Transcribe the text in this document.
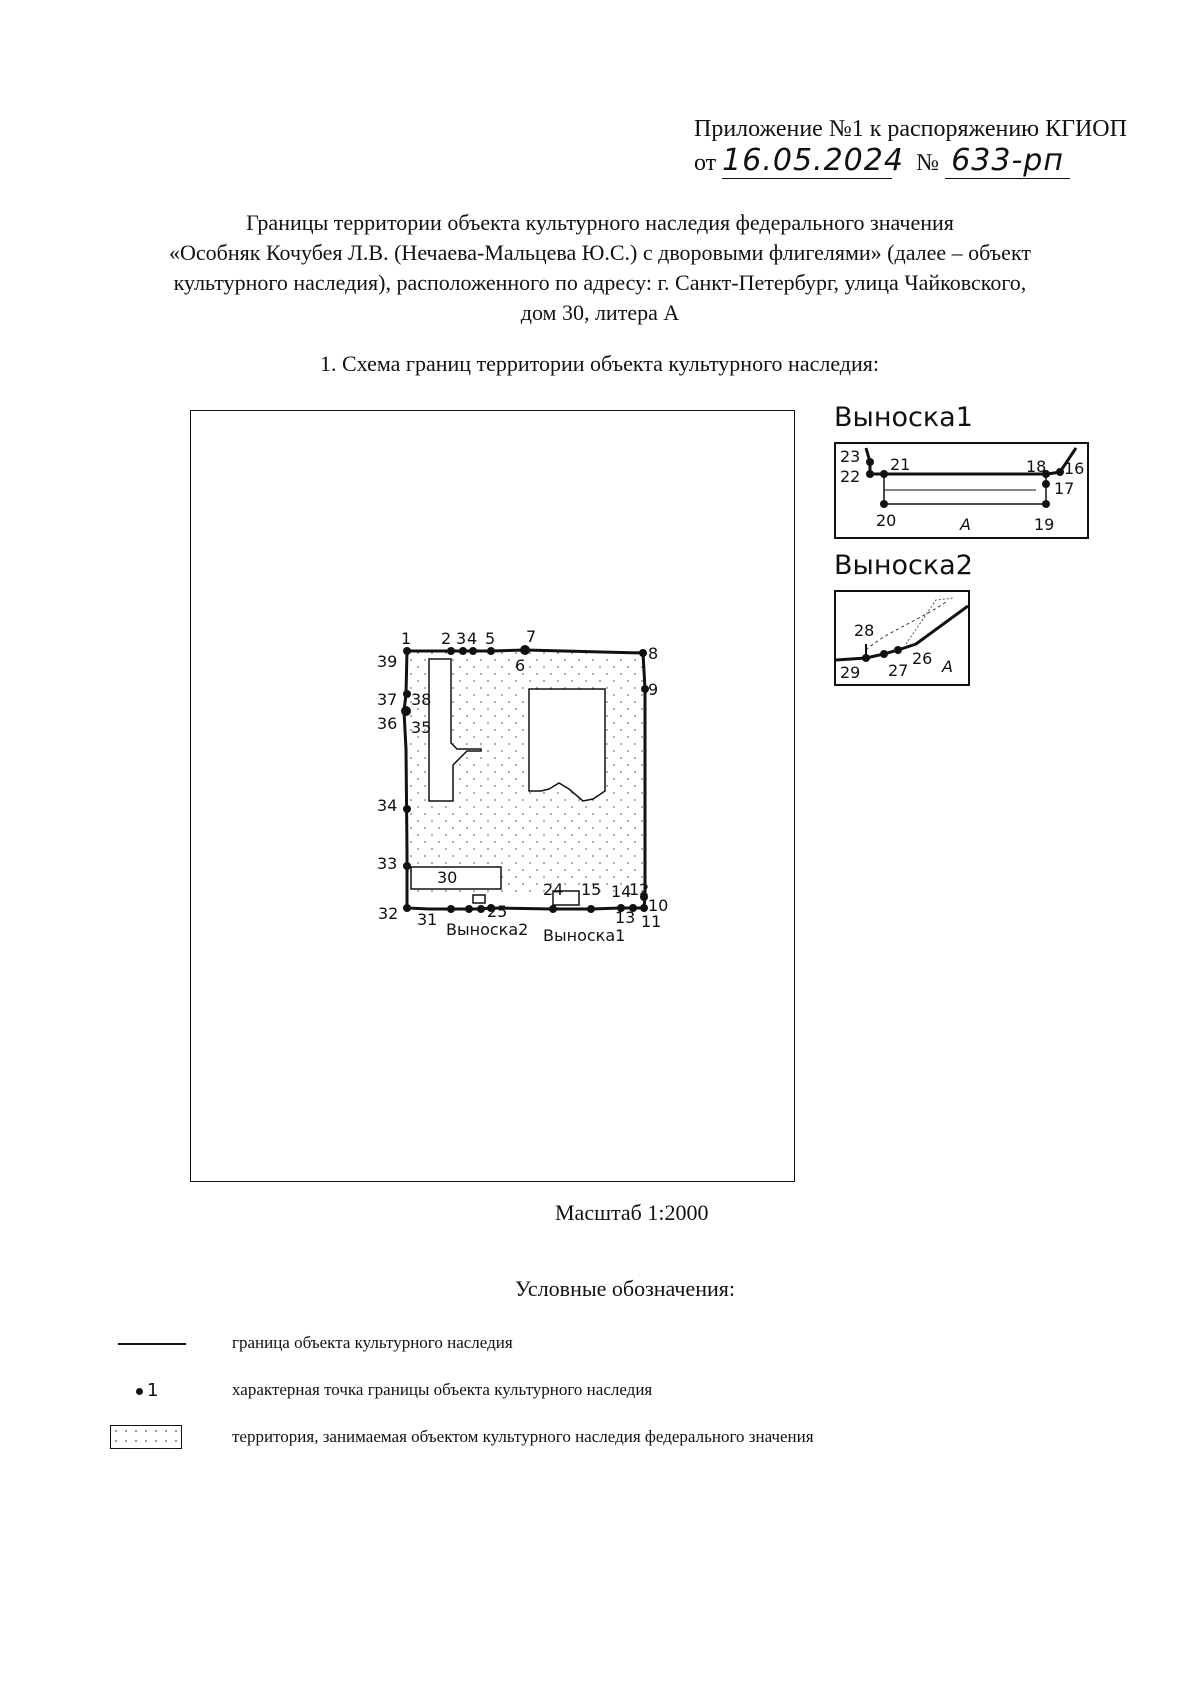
Приложение №1 к распоряжению КГИОП
от 16.05.2024 № 633-рп
Границы территории объекта культурного наследия федерального значения
«Особняк Кочубея Л.В. (Нечаева-Мальцева Ю.С.) с дворовыми флигелями» (далее – объект
культурного наследия), расположенного по адресу: г. Санкт-Петербург, улица Чайковского,
дом 30, литера А
1. Схема границ территории объекта культурного наследия:
1 2 3 4 5
6
7
8
9
10
11
12
13
14
15
24
25
30
31
32
33
34
35
36
37 38
39
Выноска2 Выноска1
Выноска1
23 21	18 16
22
17
20	19
А
Выноска2
28
26
29 27 А
Масштаб 1:2000
Условные обозначения:
граница объекта культурного наследия
1	характерная точка границы объекта культурного наследия
территория, занимаемая объектом культурного наследия федерального значения
